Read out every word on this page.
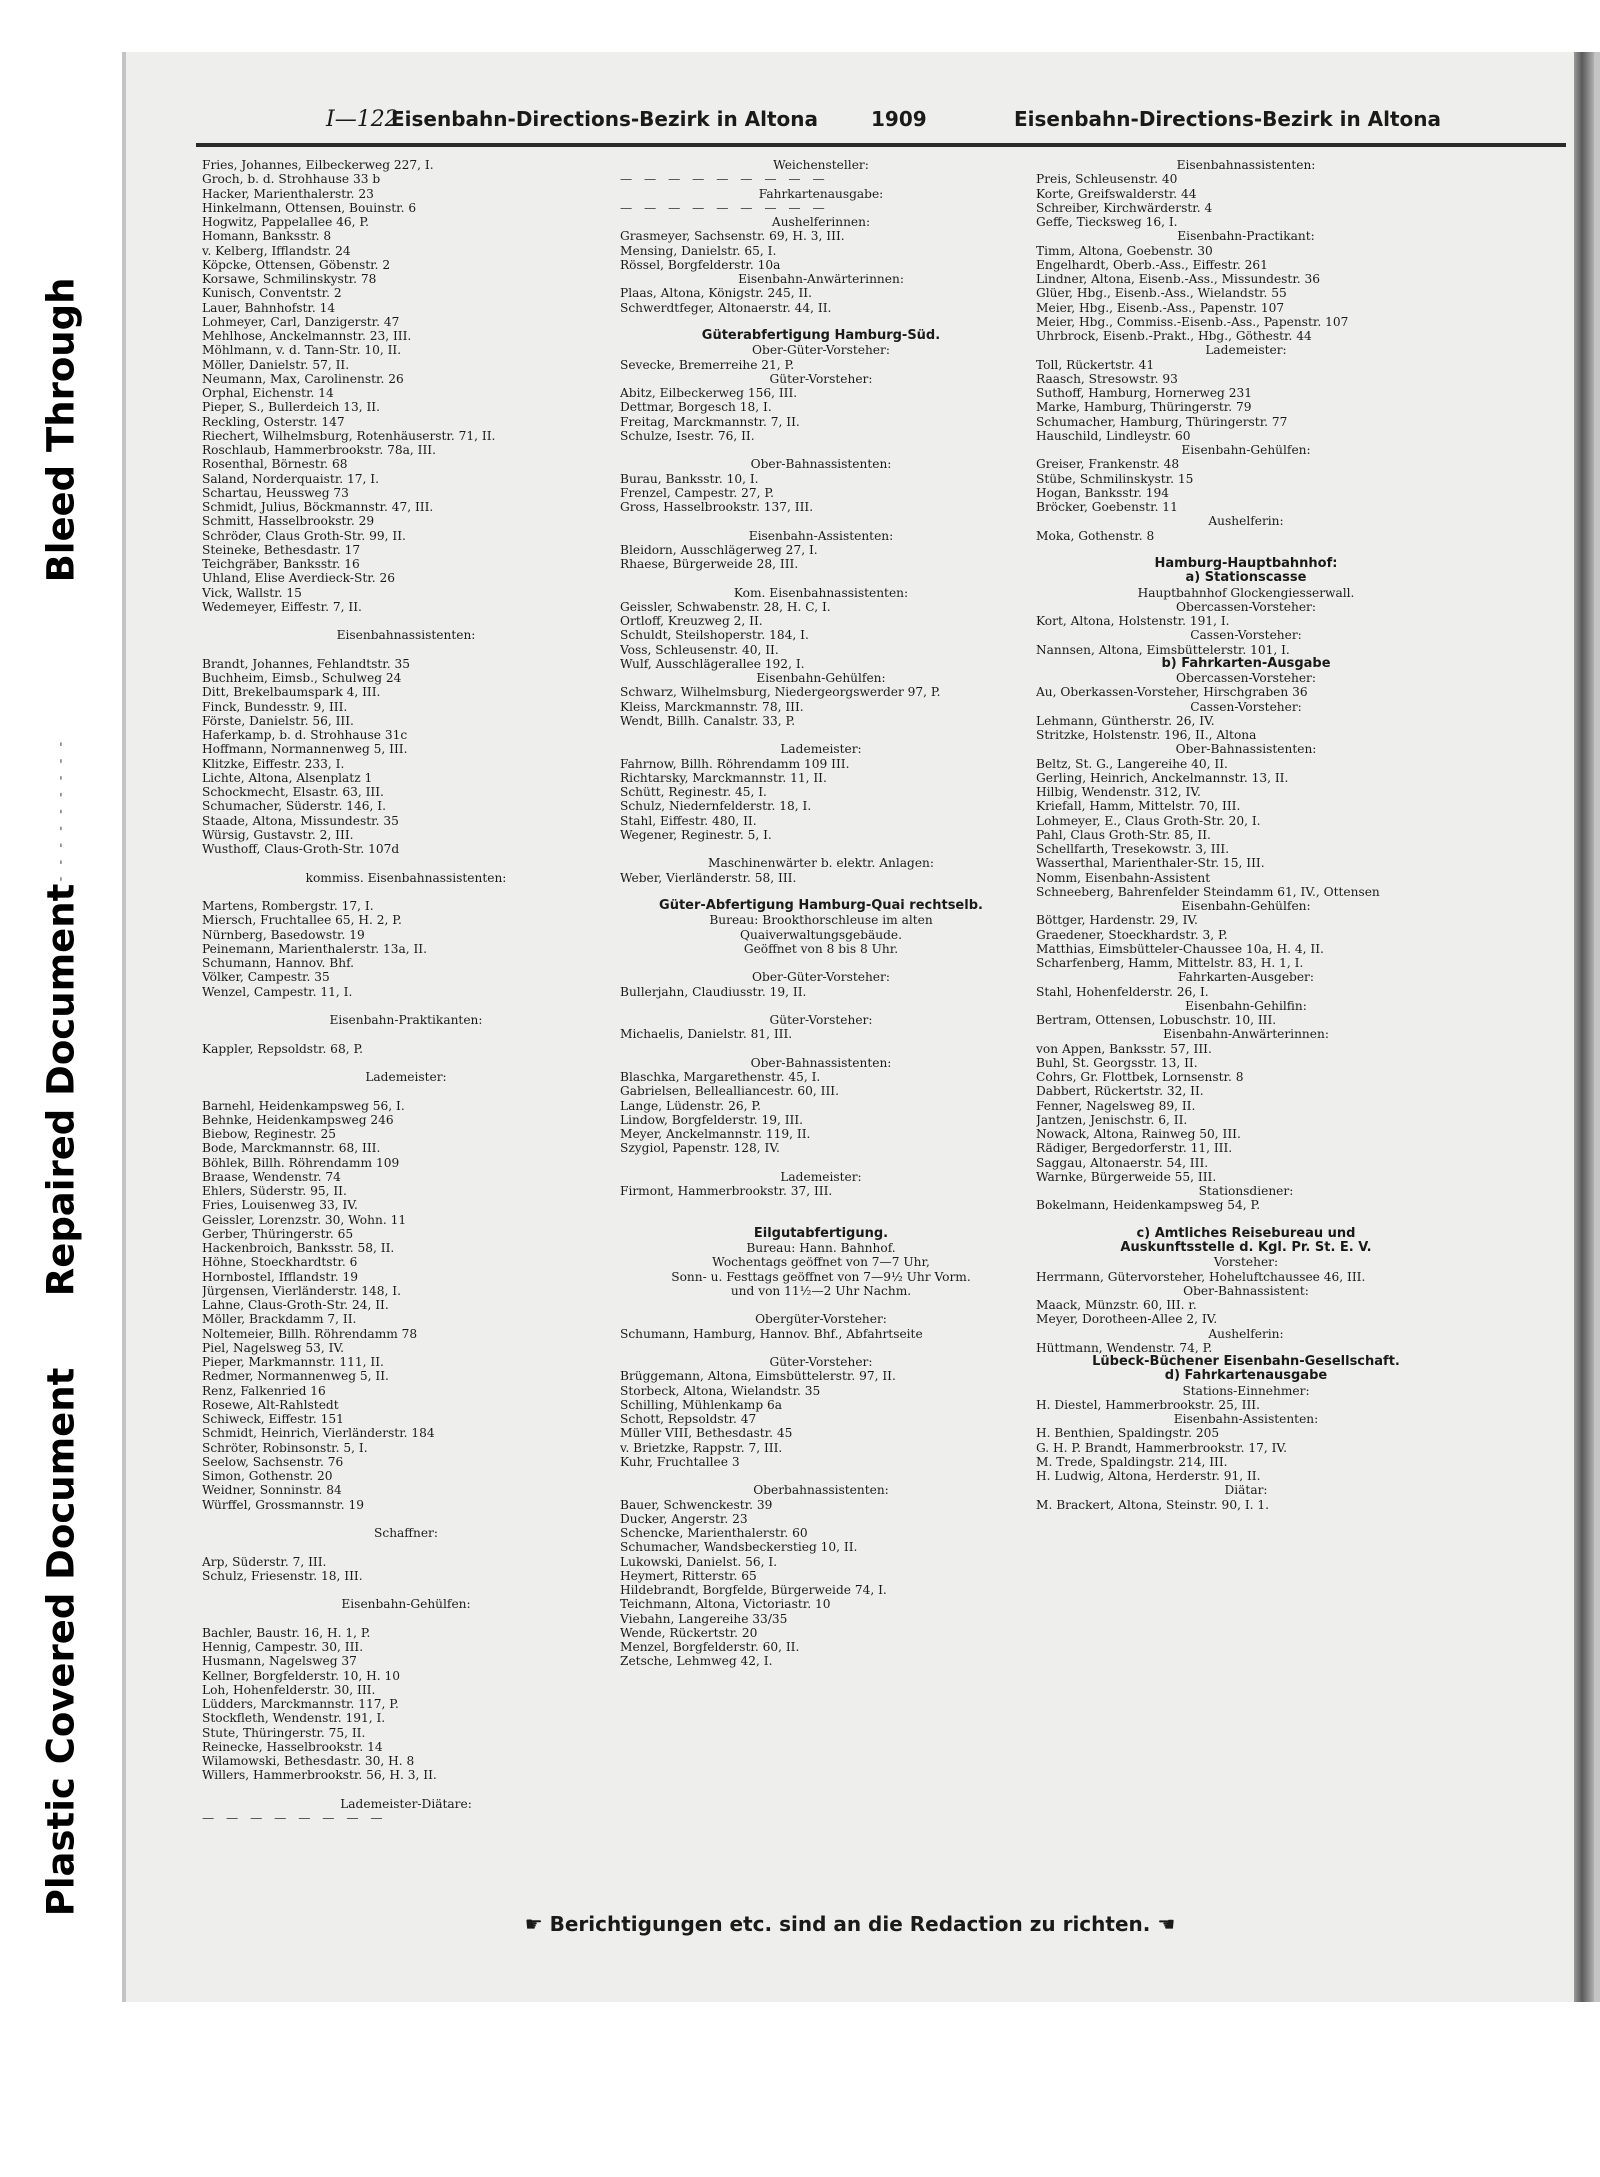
Bleed Through
- - - - - - - - - -
Repaired Document
Plastic Covered Document
I—122
Eisenbahn-Directions-Bezirk in Altona	1909	Eisenbahn-Directions-Bezirk in Altona
Fries, Johannes, Eilbeckerweg 227, I.
Groch, b. d. Strohhause 33 b
Hacker, Marienthalerstr. 23
Hinkelmann, Ottensen, Bouinstr. 6
Hogwitz, Pappelallee 46, P.
Homann, Banksstr. 8
v. Kelberg, Ifflandstr. 24
Köpcke, Ottensen, Göbenstr. 2
Korsawe, Schmilinskystr. 78
Kunisch, Conventstr. 2
Lauer, Bahnhofstr. 14
Lohmeyer, Carl, Danzigerstr. 47
Mehlhose, Anckelmannstr. 23, III.
Möhlmann, v. d. Tann-Str. 10, II.
Möller, Danielstr. 57, II.
Neumann, Max, Carolinenstr. 26
Orphal, Eichenstr. 14
Pieper, S., Bullerdeich 13, II.
Reckling, Osterstr. 147
Riechert, Wilhelmsburg, Rotenhäuserstr. 71, II.
Roschlaub, Hammerbrookstr. 78a, III.
Rosenthal, Börnestr. 68
Saland, Norderquaistr. 17, I.
Schartau, Heussweg 73
Schmidt, Julius, Böckmannstr. 47, III.
Schmitt, Hasselbrookstr. 29
Schröder, Claus Groth-Str. 99, II.
Steineke, Bethesdastr. 17
Teichgräber, Banksstr. 16
Uhland, Elise Averdieck-Str. 26
Vick, Wallstr. 15
Wedemeyer, Eiffestr. 7, II.
Eisenbahnassistenten:
Brandt, Johannes, Fehlandtstr. 35
Buchheim, Eimsb., Schulweg 24
Ditt, Brekelbaumspark 4, III.
Finck, Bundesstr. 9, III.
Förste, Danielstr. 56, III.
Haferkamp, b. d. Strohhause 31c
Hoffmann, Normannenweg 5, III.
Klitzke, Eiffestr. 233, I.
Lichte, Altona, Alsenplatz 1
Schockmecht, Elsastr. 63, III.
Schumacher, Süderstr. 146, I.
Staade, Altona, Missundestr. 35
Würsig, Gustavstr. 2, III.
Wusthoff, Claus-Groth-Str. 107d
kommiss. Eisenbahnassistenten:
Martens, Rombergstr. 17, I.
Miersch, Fruchtallee 65, H. 2, P.
Nürnberg, Basedowstr. 19
Peinemann, Marienthalerstr. 13a, II.
Schumann, Hannov. Bhf.
Völker, Campestr. 35
Wenzel, Campestr. 11, I.
Eisenbahn-Praktikanten:
Kappler, Repsoldstr. 68, P.
Lademeister:
Barnehl, Heidenkampsweg 56, I.
Behnke, Heidenkampsweg 246
Biebow, Reginestr. 25
Bode, Marckmannstr. 68, III.
Böhlek, Billh. Röhrendamm 109
Braase, Wendenstr. 74
Ehlers, Süderstr. 95, II.
Fries, Louisenweg 33, IV.
Geissler, Lorenzstr. 30, Wohn. 11
Gerber, Thüringerstr. 65
Hackenbroich, Banksstr. 58, II.
Höhne, Stoeckhardtstr. 6
Hornbostel, Ifflandstr. 19
Jürgensen, Vierländerstr. 148, I.
Lahne, Claus-Groth-Str. 24, II.
Möller, Brackdamm 7, II.
Noltemeier, Billh. Röhrendamm 78
Piel, Nagelsweg 53, IV.
Pieper, Markmannstr. 111, II.
Redmer, Normannenweg 5, II.
Renz, Falkenried 16
Rosewe, Alt-Rahlstedt
Schiweck, Eiffestr. 151
Schmidt, Heinrich, Vierländerstr. 184
Schröter, Robinsonstr. 5, I.
Seelow, Sachsenstr. 76
Simon, Gothenstr. 20
Weidner, Sonninstr. 84
Würffel, Grossmannstr. 19
Schaffner:
Arp, Süderstr. 7, III.
Schulz, Friesenstr. 18, III.
Eisenbahn-Gehülfen:
Bachler, Baustr. 16, H. 1, P.
Hennig, Campestr. 30, III.
Husmann, Nagelsweg 37
Kellner, Borgfelderstr. 10, H. 10
Loh, Hohenfelderstr. 30, III.
Lüdders, Marckmannstr. 117, P.
Stockfleth, Wendenstr. 191, I.
Stute, Thüringerstr. 75, II.
Reinecke, Hasselbrookstr. 14
Wilamowski, Bethesdastr. 30, H. 8
Willers, Hammerbrookstr. 56, H. 3, II.
Lademeister-Diätare:
— — — — — — — —
Weichensteller:
— — — — — — — — —
Fahrkartenausgabe:
— — — — — — — — —
Aushelferinnen:
Grasmeyer, Sachsenstr. 69, H. 3, III.
Mensing, Danielstr. 65, I.
Rössel, Borgfelderstr. 10a
Eisenbahn-Anwärterinnen:
Plaas, Altona, Königstr. 245, II.
Schwerdtfeger, Altonaerstr. 44, II.
Güterabfertigung Hamburg-Süd.
Ober-Güter-Vorsteher:
Sevecke, Bremerreihe 21, P.
Güter-Vorsteher:
Abitz, Eilbeckerweg 156, III.
Dettmar, Borgesch 18, I.
Freitag, Marckmannstr. 7, II.
Schulze, Isestr. 76, II.
Ober-Bahnassistenten:
Burau, Banksstr. 10, I.
Frenzel, Campestr. 27, P.
Gross, Hasselbrookstr. 137, III.
Eisenbahn-Assistenten:
Bleidorn, Ausschlägerweg 27, I.
Rhaese, Bürgerweide 28, III.
Kom. Eisenbahnassistenten:
Geissler, Schwabenstr. 28, H. C, I.
Ortloff, Kreuzweg 2, II.
Schuldt, Steilshoperstr. 184, I.
Voss, Schleusenstr. 40, II.
Wulf, Ausschlägerallee 192, I.
Eisenbahn-Gehülfen:
Schwarz, Wilhelmsburg, Niedergeorgswerder 97, P.
Kleiss, Marckmannstr. 78, III.
Wendt, Billh. Canalstr. 33, P.
Lademeister:
Fahrnow, Billh. Röhrendamm 109 III.
Richtarsky, Marckmannstr. 11, II.
Schütt, Reginestr. 45, I.
Schulz, Niedernfelderstr. 18, I.
Stahl, Eiffestr. 480, II.
Wegener, Reginestr. 5, I.
Maschinenwärter b. elektr. Anlagen:
Weber, Vierländerstr. 58, III.
Güter-Abfertigung Hamburg-Quai rechtselb.
Bureau: Brookthorschleuse im alten
Quaiverwaltungsgebäude.
Geöffnet von 8 bis 8 Uhr.
Ober-Güter-Vorsteher:
Bullerjahn, Claudiusstr. 19, II.
Güter-Vorsteher:
Michaelis, Danielstr. 81, III.
Ober-Bahnassistenten:
Blaschka, Margarethenstr. 45, I.
Gabrielsen, Bellealliancestr. 60, III.
Lange, Lüdenstr. 26, P.
Lindow, Borgfelderstr. 19, III.
Meyer, Anckelmannstr. 119, II.
Szygiol, Papenstr. 128, IV.
Lademeister:
Firmont, Hammerbrookstr. 37, III.
Eilgutabfertigung.
Bureau: Hann. Bahnhof.
Wochentags geöffnet von 7—7 Uhr,
Sonn- u. Festtags geöffnet von 7—9½ Uhr Vorm.
und von 11½—2 Uhr Nachm.
Obergüter-Vorsteher:
Schumann, Hamburg, Hannov. Bhf., Abfahrtseite
Güter-Vorsteher:
Brüggemann, Altona, Eimsbüttelerstr. 97, II.
Storbeck, Altona, Wielandstr. 35
Schilling, Mühlenkamp 6a
Schott, Repsoldstr. 47
Müller VIII, Bethesdastr. 45
v. Brietzke, Rappstr. 7, III.
Kuhr, Fruchtallee 3
Oberbahnassistenten:
Bauer, Schwenckestr. 39
Ducker, Angerstr. 23
Schencke, Marienthalerstr. 60
Schumacher, Wandsbeckerstieg 10, II.
Lukowski, Danielst. 56, I.
Heymert, Ritterstr. 65
Hildebrandt, Borgfelde, Bürgerweide 74, I.
Teichmann, Altona, Victoriastr. 10
Viebahn, Langereihe 33/35
Wende, Rückertstr. 20
Menzel, Borgfelderstr. 60, II.
Zetsche, Lehmweg 42, I.
Eisenbahnassistenten:
Preis, Schleusenstr. 40
Korte, Greifswalderstr. 44
Schreiber, Kirchwärderstr. 4
Geffe, Tiecksweg 16, I.
Eisenbahn-Practikant:
Timm, Altona, Goebenstr. 30
Engelhardt, Oberb.-Ass., Eiffestr. 261
Lindner, Altona, Eisenb.-Ass., Missundestr. 36
Glüer, Hbg., Eisenb.-Ass., Wielandstr. 55
Meier, Hbg., Eisenb.-Ass., Papenstr. 107
Meier, Hbg., Commiss.-Eisenb.-Ass., Papenstr. 107
Uhrbrock, Eisenb.-Prakt., Hbg., Göthestr. 44
Lademeister:
Toll, Rückertstr. 41
Raasch, Stresowstr. 93
Suthoff, Hamburg, Hornerweg 231
Marke, Hamburg, Thüringerstr. 79
Schumacher, Hamburg, Thüringerstr. 77
Hauschild, Lindleystr. 60
Eisenbahn-Gehülfen:
Greiser, Frankenstr. 48
Stübe, Schmilinskystr. 15
Hogan, Banksstr. 194
Bröcker, Goebenstr. 11
Aushelferin:
Moka, Gothenstr. 8
Hamburg-Hauptbahnhof:
a) Stationscasse
Hauptbahnhof Glockengiesserwall.
Obercassen-Vorsteher:
Kort, Altona, Holstenstr. 191, I.
Cassen-Vorsteher:
Nannsen, Altona, Eimsbüttelerstr. 101, I.
b) Fahrkarten-Ausgabe
Obercassen-Vorsteher:
Au, Oberkassen-Vorsteher, Hirschgraben 36
Cassen-Vorsteher:
Lehmann, Güntherstr. 26, IV.
Stritzke, Holstenstr. 196, II., Altona
Ober-Bahnassistenten:
Beltz, St. G., Langereihe 40, II.
Gerling, Heinrich, Anckelmannstr. 13, II.
Hilbig, Wendenstr. 312, IV.
Kriefall, Hamm, Mittelstr. 70, III.
Lohmeyer, E., Claus Groth-Str. 20, I.
Pahl, Claus Groth-Str. 85, II.
Schellfarth, Tresekowstr. 3, III.
Wasserthal, Marienthaler-Str. 15, III.
Nomm, Eisenbahn-Assistent
Schneeberg, Bahrenfelder Steindamm 61, IV., Ottensen
Eisenbahn-Gehülfen:
Böttger, Hardenstr. 29, IV.
Graedener, Stoeckhardstr. 3, P.
Matthias, Eimsbütteler-Chaussee 10a, H. 4, II.
Scharfenberg, Hamm, Mittelstr. 83, H. 1, I.
Fahrkarten-Ausgeber:
Stahl, Hohenfelderstr. 26, I.
Eisenbahn-Gehilfin:
Bertram, Ottensen, Lobuschstr. 10, III.
Eisenbahn-Anwärterinnen:
von Appen, Banksstr. 57, III.
Buhl, St. Georgsstr. 13, II.
Cohrs, Gr. Flottbek, Lornsenstr. 8
Dabbert, Rückertstr. 32, II.
Fenner, Nagelsweg 89, II.
Jantzen, Jenischstr. 6, II.
Nowack, Altona, Rainweg 50, III.
Rädiger, Bergedorferstr. 11, III.
Saggau, Altonaerstr. 54, III.
Warnke, Bürgerweide 55, III.
Stationsdiener:
Bokelmann, Heidenkampsweg 54, P.
c) Amtliches Reisebureau und
Auskunftsstelle d. Kgl. Pr. St. E. V.
Vorsteher:
Herrmann, Gütervorsteher, Hoheluftchaussee 46, III.
Ober-Bahnassistent:
Maack, Münzstr. 60, III. r.
Meyer, Dorotheen-Allee 2, IV.
Aushelferin:
Hüttmann, Wendenstr. 74, P.
Lübeck-Büchener Eisenbahn-Gesellschaft.
d) Fahrkartenausgabe
Stations-Einnehmer:
H. Diestel, Hammerbrookstr. 25, III.
Eisenbahn-Assistenten:
H. Benthien, Spaldingstr. 205
G. H. P. Brandt, Hammerbrookstr. 17, IV.
M. Trede, Spaldingstr. 214, III.
H. Ludwig, Altona, Herderstr. 91, II.
Diätar:
M. Brackert, Altona, Steinstr. 90, I. 1.
☛ Berichtigungen etc. sind an die Redaction zu richten. ☚
